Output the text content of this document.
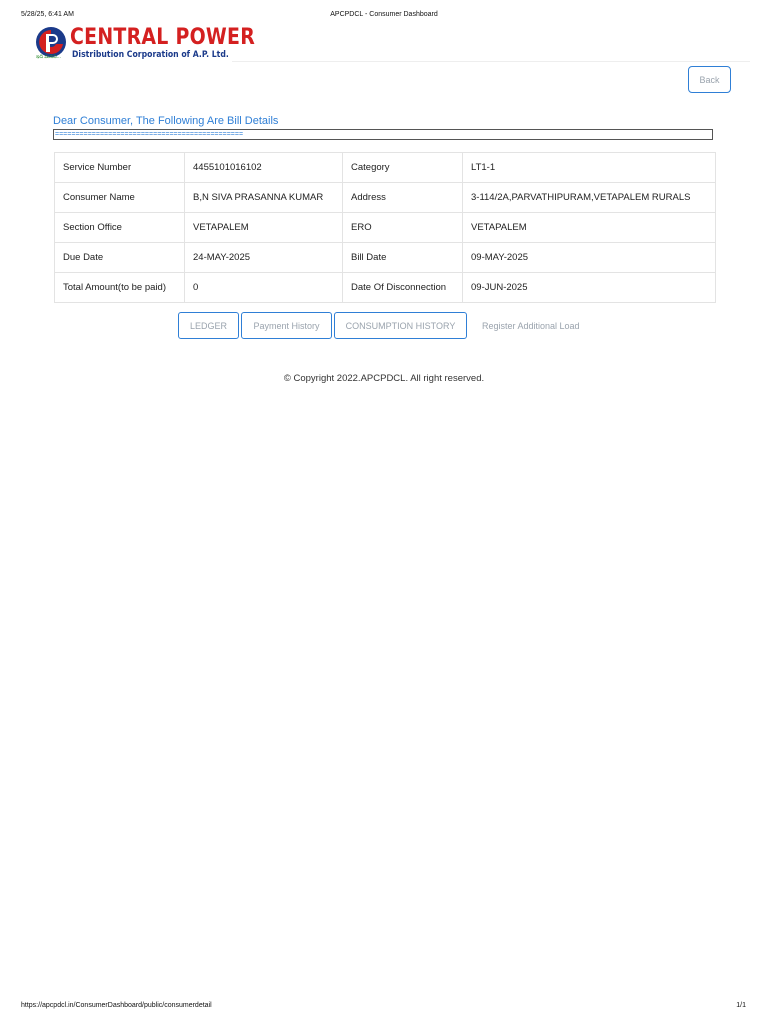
5/28/25, 6:41 AM	APCPDCL - Consumer Dashboard
CENTRAL POWER
Distribution Corporation of A.P. Ltd.
ఇది మనది...
Back
Dear Consumer, The Following Are Bill Details
==============================================
Service Number	4455101016102	Category	LT1-1
Consumer Name	B,N SIVA PRASANNA KUMAR	Address	3-114/2A,PARVATHIPURAM,VETAPALEM RURALS
Section Office	VETAPALEM	ERO	VETAPALEM
Due Date	24-MAY-2025	Bill Date	09-MAY-2025
Total Amount(to be paid)	0	Date Of Disconnection	09-JUN-2025
LEDGER	Payment History	CONSUMPTION HISTORY	Register Additional Load
© Copyright 2022.APCPDCL. All right reserved.
https://apcpdcl.in/ConsumerDashboard/public/consumerdetail	1/1
